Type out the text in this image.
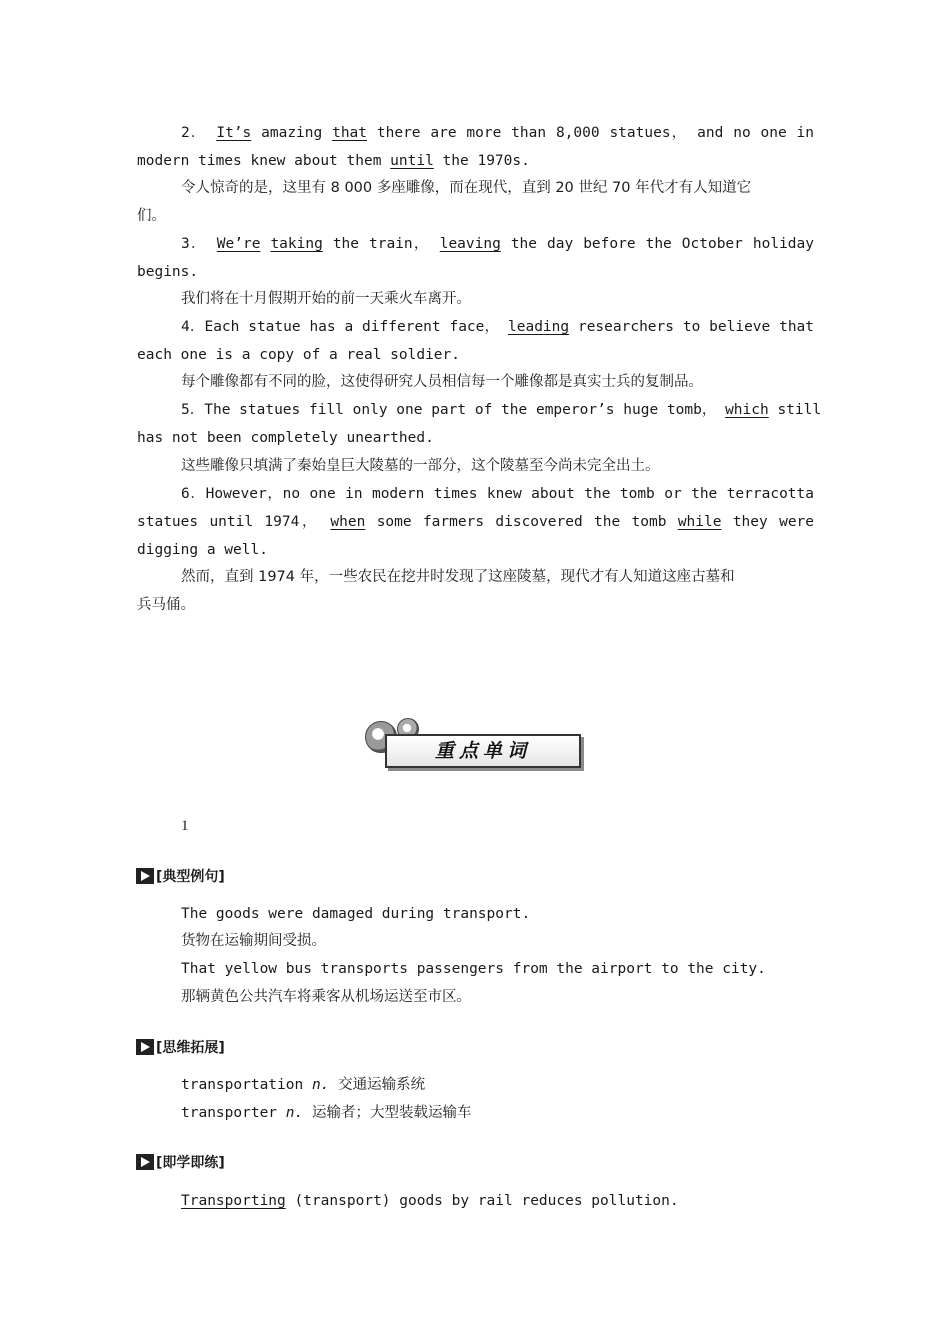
2． It’s amazing that there are more than 8,000 statues， and no one in
modern times knew about them until the 1970s.
令人惊奇的是，这里有 8 000 多座雕像，而在现代，直到 20 世纪 70 年代才有人知道它
们。
3． We’re taking the train， leaving the day before the October holiday
begins.
我们将在十月假期开始的前一天乘火车离开。
4．Each statue has a different face， leading researchers to believe that
each one is a copy of a real soldier.
每个雕像都有不同的脸，这使得研究人员相信每一个雕像都是真实士兵的复制品。
5．The statues fill only one part of the emperor’s huge tomb， which still
has not been completely unearthed.
这些雕像只填满了秦始皇巨大陵墓的一部分，这个陵墓至今尚未完全出土。
6．However，no one in modern times knew about the tomb or the terracotta
statues until 1974， when some farmers discovered the tomb while they were
digging a well.
然而，直到 1974 年，一些农民在挖井时发现了这座陵墓，现代才有人知道这座古墓和
兵马俑。
重点单词
1
[典型例句]
The goods were damaged during transport.
货物在运输期间受损。
That yellow bus transports passengers from the airport to the city.
那辆黄色公共汽车将乘客从机场运送至市区。
[思维拓展]
transportation n. 交通运输系统
transporter n. 运输者；大型装载运输车
[即学即练]
Transporting (transport) goods by rail reduces pollution.
